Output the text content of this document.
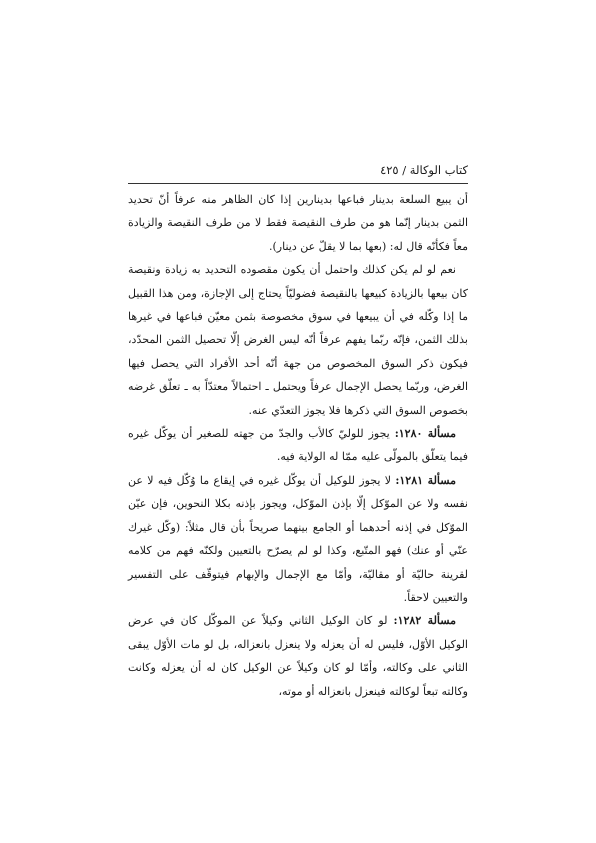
كتاب الوكالة / ٤٢٥

أن يبيع السلعة بدينار فباعها بدينارين إذا كان الظاهر منه عرفاً أنّ تحديد الثمن بدينار إنّما هو من طرف النقيصة فقط لا من طرف النقيصة والزيادة معاً فكأنّه قال له: (بعها بما لا يقلّ عن دينار).

نعم لو لم يكن كذلك واحتمل أن يكون مقصوده التحديد به زيادة ونقيصة كان بيعها بالزيادة كبيعها بالنقيصة فضوليّاً يحتاج إلى الإجازة، ومن هذا القبيل ما إذا وكّله في أن يبيعها في سوق مخصوصة بثمن معيّن فباعها في غيرها بذلك الثمن، فإنّه ربّما يفهم عرفاً أنّه ليس الغرض إلّا تحصيل الثمن المحدّد، فيكون ذكر السوق المخصوص من جهة أنّه أحد الأفراد التي يحصل فيها الغرض، وربّما يحصل الإجمال عرفاً ويحتمل ـ احتمالاً معتدّاً به ـ تعلّق غرضه بخصوص السوق التي ذكرها فلا يجوز التعدّي عنه.

مسألة ١٢٨٠: يجوز للوليّ كالأب والجدّ من جهته للصغير أن يوكّل غيره فيما يتعلّق بالمولّى عليه ممّا له الولاية فيه.

مسألة ١٢٨١: لا يجوز للوكيل أن يوكّل غيره في إيقاع ما وُكّل فيه لا عن نفسه ولا عن الموّكل إلّا بإذن الموّكل، ويجوز بإذنه بكلا النحوين، فإن عيّن الموّكل في إذنه أحدهما أو الجامع بينهما صريحاً بأن قال مثلاً: (وكّل غيرك عنّي أو عنك) فهو المتّبع، وكذا لو لم يصرّح بالتعيين ولكنّه فهم من كلامه لقرينة حاليّة أو مقاليّة، وأمّا مع الإجمال والإبهام فيتوقّف على التفسير والتعيين لاحقاً.

مسألة ١٢٨٢: لو كان الوكيل الثاني وكيلاً عن الموكّل كان في عرض الوكيل الأوّل، فليس له أن يعزله ولا ينعزل بانعزاله، بل لو مات الأوّل يبقى الثاني على وكالته، وأمّا لو كان وكيلاً عن الوكيل كان له أن يعزله وكانت وكالته تبعاً لوكالته فينعزل بانعزاله أو موته،
